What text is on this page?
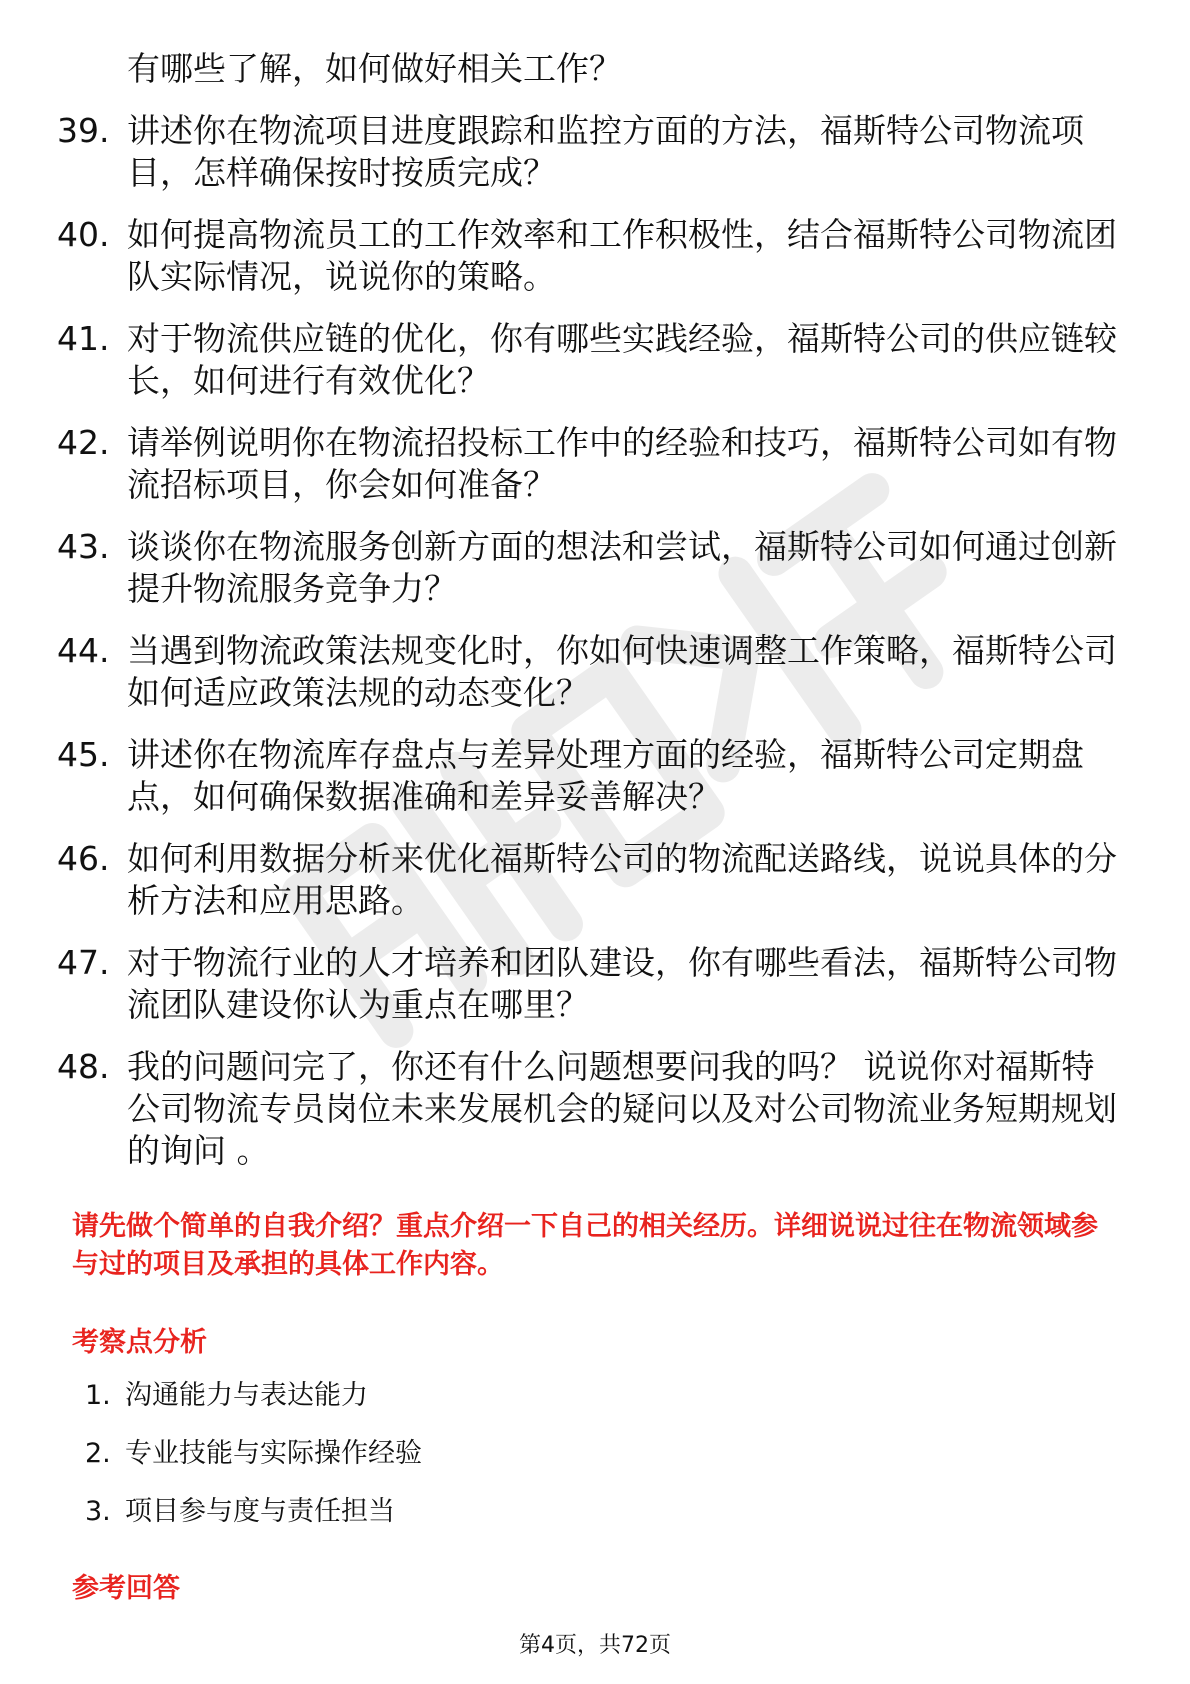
有哪些了解，如何做好相关工作？
39. 讲述你在物流项目进度跟踪和监控方面的方法，福斯特公司物流项目，怎样确保按时按质完成？
40. 如何提高物流员工的工作效率和工作积极性，结合福斯特公司物流团队实际情况，说说你的策略。
41. 对于物流供应链的优化，你有哪些实践经验，福斯特公司的供应链较长，如何进行有效优化？
42. 请举例说明你在物流招投标工作中的经验和技巧，福斯特公司如有物流招标项目，你会如何准备？
43. 谈谈你在物流服务创新方面的想法和尝试，福斯特公司如何通过创新提升物流服务竞争力？
44. 当遇到物流政策法规变化时，你如何快速调整工作策略，福斯特公司如何适应政策法规的动态变化？
45. 讲述你在物流库存盘点与差异处理方面的经验，福斯特公司定期盘点，如何确保数据准确和差异妥善解决？
46. 如何利用数据分析来优化福斯特公司的物流配送路线，说说具体的分析方法和应用思路。
47. 对于物流行业的人才培养和团队建设，你有哪些看法，福斯特公司物流团队建设你认为重点在哪里？
48. 我的问题问完了，你还有什么问题想要问我的吗？ 说说你对福斯特公司物流专员岗位未来发展机会的疑问以及对公司物流业务短期规划的询问 。
请先做个简单的自我介绍？重点介绍一下自己的相关经历。详细说说过往在物流领域参与过的项目及承担的具体工作内容。
考察点分析
1. 沟通能力与表达能力
2. 专业技能与实际操作经验
3. 项目参与度与责任担当
参考回答
第4页，共72页
